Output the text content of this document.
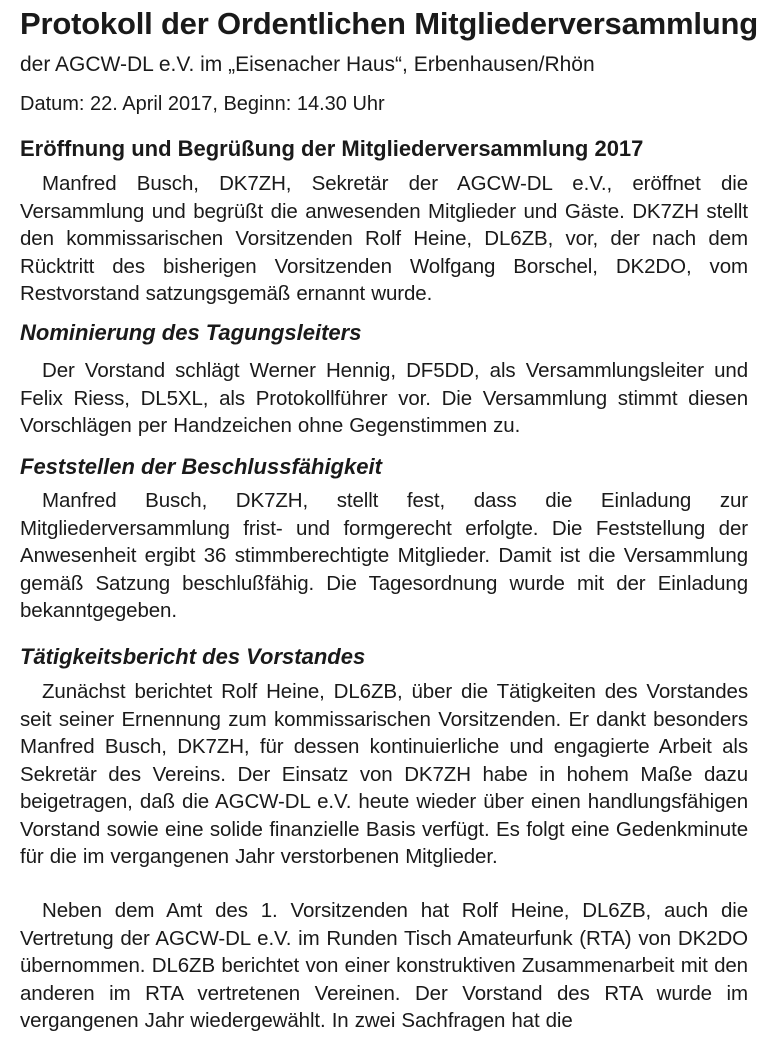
Protokoll der Ordentlichen Mitgliederversammlung
der AGCW-DL e.V. im „Eisenacher Haus“, Erbenhausen/Rhön
Datum: 22. April 2017, Beginn: 14.30 Uhr
Eröffnung und Begrüßung der Mitgliederversammlung 2017

Manfred Busch, DK7ZH, Sekretär der AGCW-DL e.V., eröffnet die Versammlung und begrüßt die anwesenden Mitglieder und Gäste. DK7ZH stellt den kommissarischen Vorsitzenden Rolf Heine, DL6ZB, vor, der nach dem Rücktritt des bisherigen Vorsitzenden Wolfgang Borschel, DK2DO, vom Restvorstand satzungsgemäß ernannt wurde.

Nominierung des Tagungsleiters

Der Vorstand schlägt Werner Hennig, DF5DD, als Versammlungsleiter und Felix Riess, DL5XL, als Protokollführer vor. Die Versammlung stimmt diesen Vorschlägen per Handzeichen ohne Gegenstimmen zu.

Feststellen der Beschlussfähigkeit

Manfred Busch, DK7ZH, stellt fest, dass die Einladung zur Mitgliederversammlung frist- und formgerecht erfolgte. Die Feststellung der Anwesenheit ergibt 36 stimmberechtigte Mitglieder. Damit ist die Versammlung gemäß Satzung beschlußfähig. Die Tagesordnung wurde mit der Einladung bekanntgegeben.

Tätigkeitsbericht des Vorstandes

Zunächst berichtet Rolf Heine, DL6ZB, über die Tätigkeiten des Vorstandes seit seiner Ernennung zum kommissarischen Vorsitzenden. Er dankt besonders Manfred Busch, DK7ZH, für dessen kontinuierliche und engagierte Arbeit als Sekretär des Vereins. Der Einsatz von DK7ZH habe in hohem Maße dazu beigetragen, daß die AGCW-DL e.V. heute wieder über einen handlungsfähigen Vorstand sowie eine solide finanzielle Basis verfügt. Es folgt eine Gedenkminute für die im vergangenen Jahr verstorbenen Mitglieder.

Neben dem Amt des 1. Vorsitzenden hat Rolf Heine, DL6ZB, auch die Vertretung der AGCW-DL e.V. im Runden Tisch Amateurfunk (RTA) von DK2DO übernommen. DL6ZB berichtet von einer konstruktiven Zusammenarbeit mit den anderen im RTA vertretenen Vereinen. Der Vorstand des RTA wurde im vergangenen Jahr wiedergewählt. In zwei Sachfragen hat die
